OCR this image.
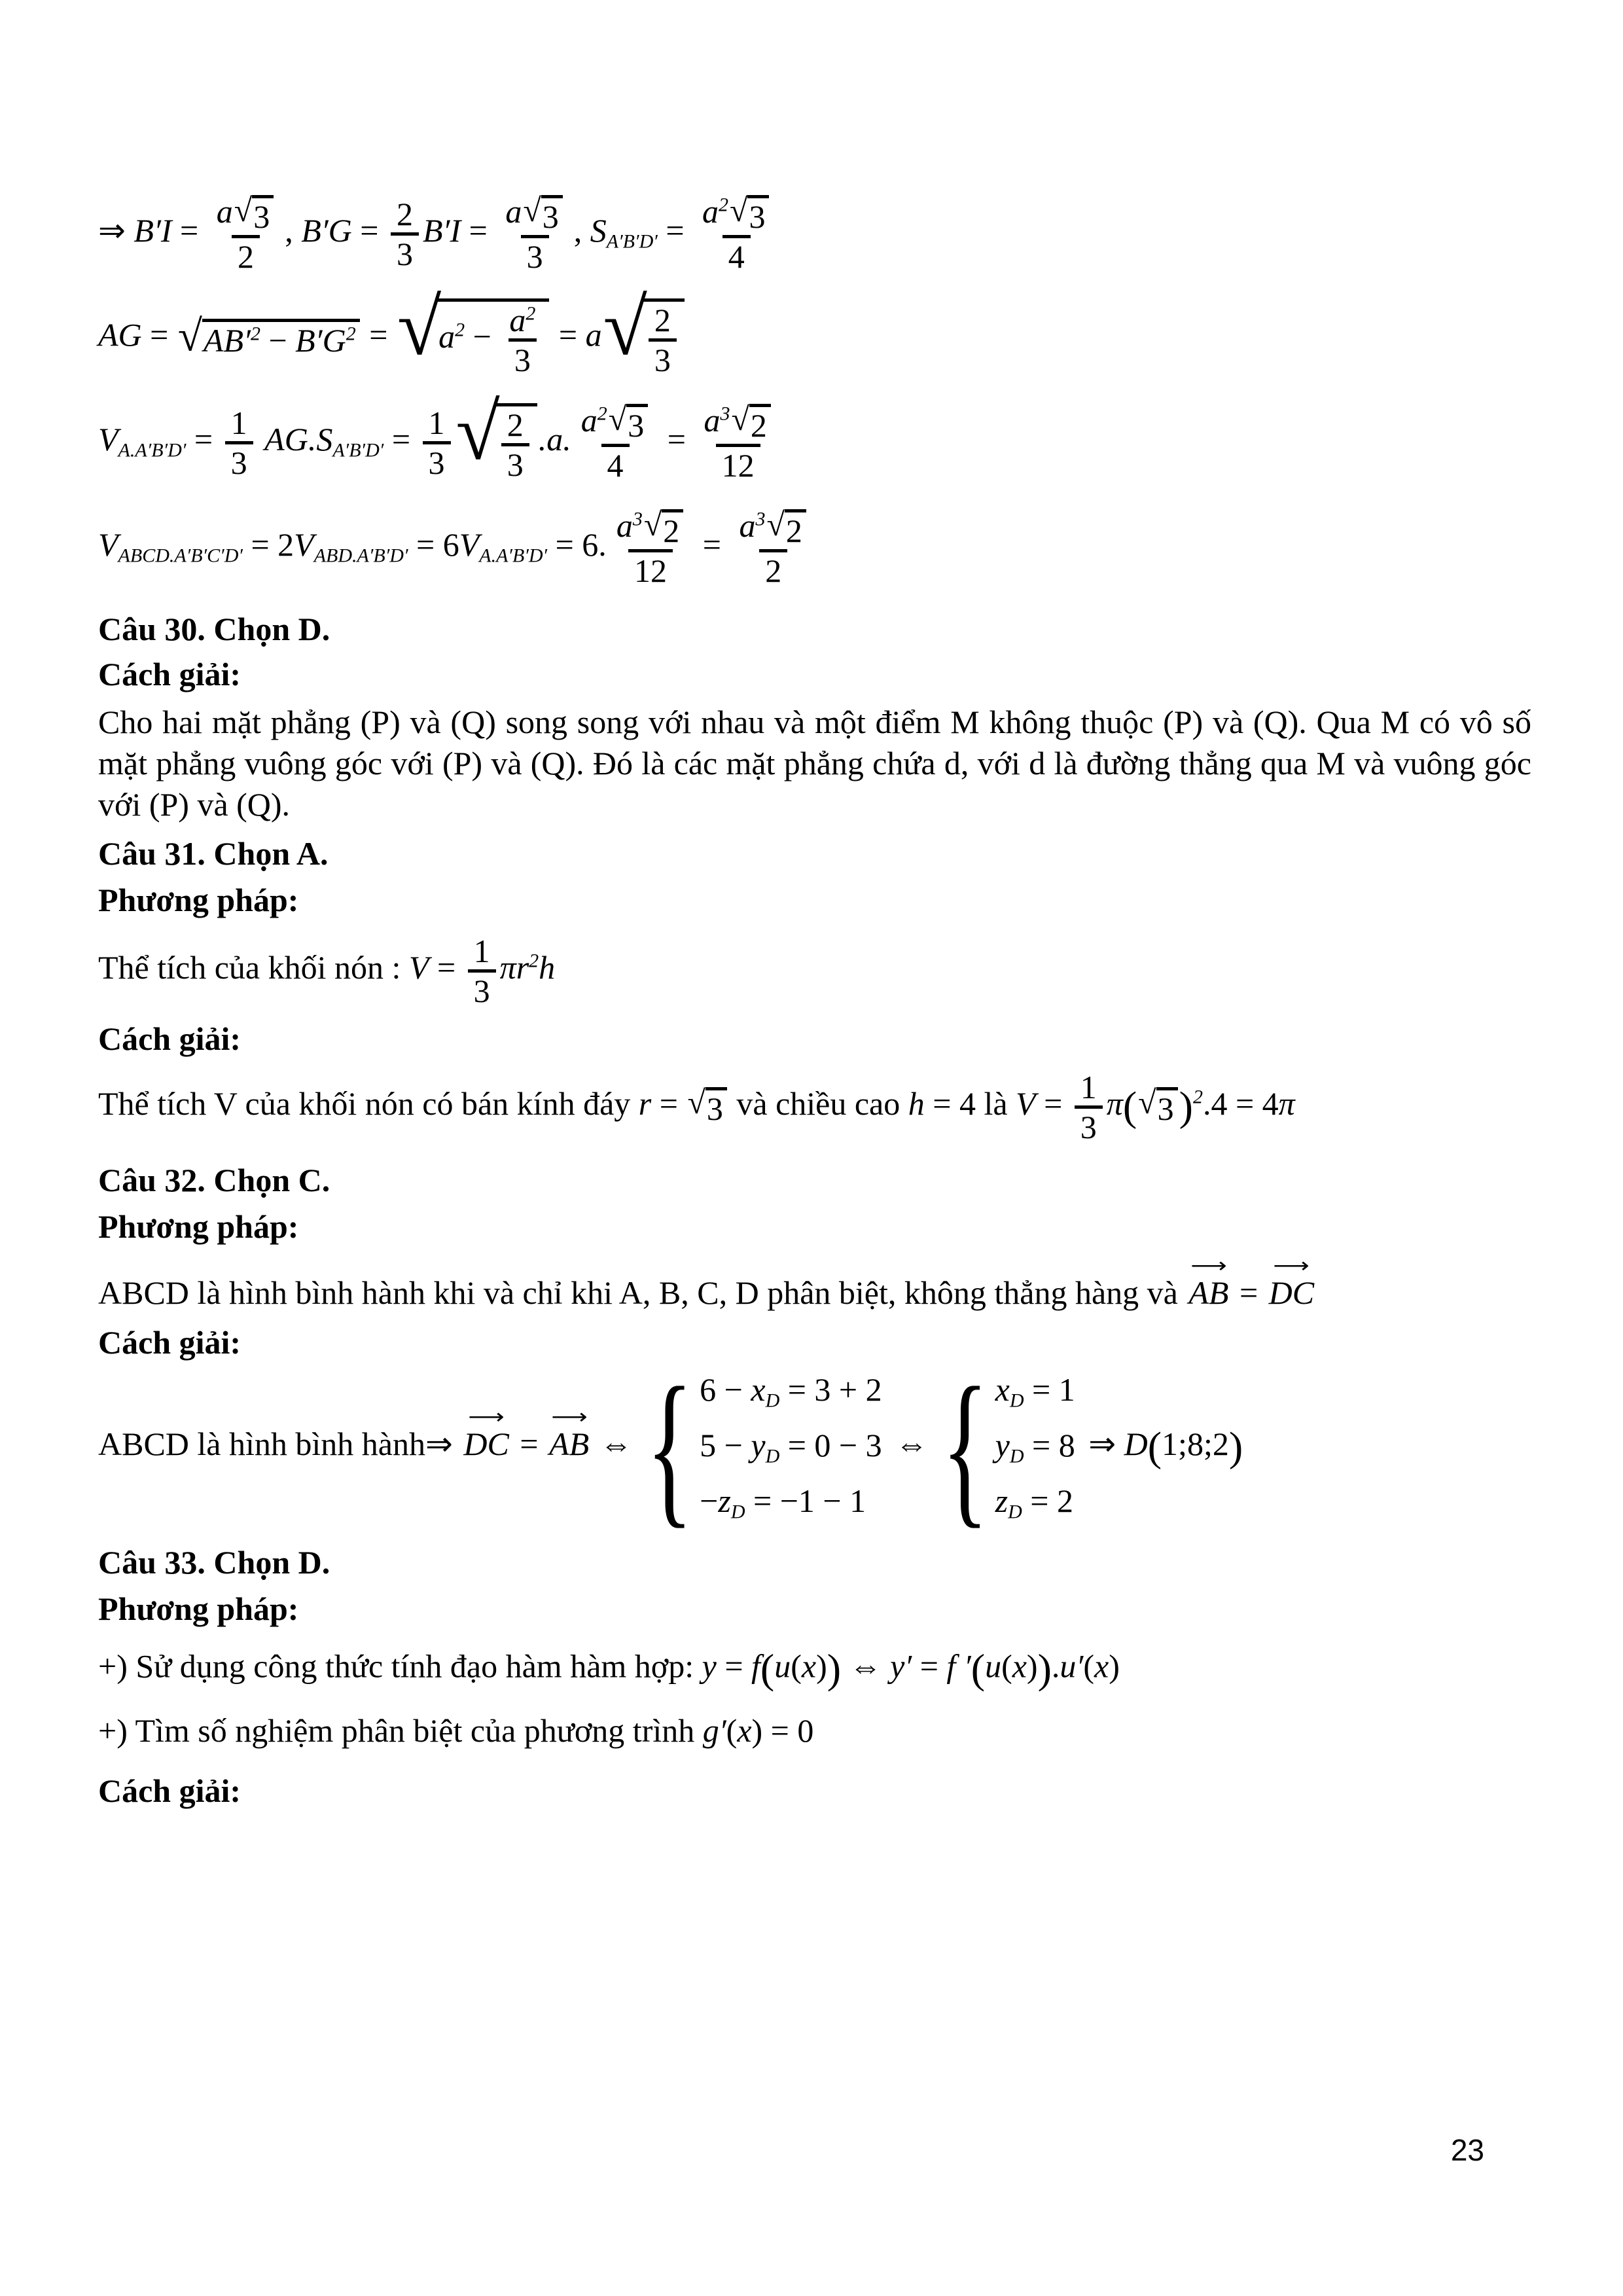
⇒ $B'I = \frac{a √ 3}{2}$ , $B'G = \frac{2}{3} B'I = \frac{a √ 3}{3}$ , $SA'B'D' = \frac{a^2 √ 3}{4}$
AG = √ $AB'^2 - B'G^2$ = √
$a^2 - \frac{a^2}{3} = a$ √ $\frac{2}{3}$
$VA.A'B'D' = \frac{1}{3} AG.SA'B'D' = \frac{1}{3}$ √ $\frac{2}{3} .a$. $\frac{a^2 √ 3}{4} = \frac{a^3 √ 2}{12}$
VABCD.A′B′C′D′ = 2VABD.A′B′D′ = 6VA.A′B′D′ = 6. $\frac{a^3 √ 2}{12} = \frac{a^3 √ 2}{2}$

Câu 30. Chọn D.

Cách giải:

Cho hai mặt phẳng (P) và (Q) song song với nhau và một điểm M không thuộc (P) và (Q). Qua M có vô số mặt phẳng vuông góc với (P) và (Q). Đó là các mặt phẳng chứa d, với d là đường thẳng qua M và vuông góc với (P) và (Q).

Câu 31. Chọn A.

Phương pháp:

Thể tích của khối nón : $V = \frac{1}{3} \pi r^2h$

Cách giải:

Thể tích V của khối nón có bán kính đáy r = √ 3 và chiều cao h = 4 là $V = \frac{1}{3} \pi$( √ 3 )$^2$.4 = 4π

Câu 32. Chọn C.

Phương pháp:

ABCD là hình bình hành khi và chỉ khi A, B, C, D phân biệt, không thẳng hàng và
⟶
AB =
⟶
DC

Cách giải:

ABCD là hình bình hành⇒
⟶
DC =
⟶
AB ⇔ { 6 − xD = 3 + 2
5 − yD = 0 − 3
−zD = −1 − 1
⇔ { xD = 1
yD = 8
zD = 2
⇒ D(1;8;2)

Câu 33. Chọn D.

Phương pháp:

+) Sử dụng công thức tính đạo hàm hàm hợp: y = f(u(x)) ⇔ y′ = f ′(u(x)).u′(x)
+) Tìm số nghiệm phân biệt của phương trình g′(x) = 0

Cách giải:

23
